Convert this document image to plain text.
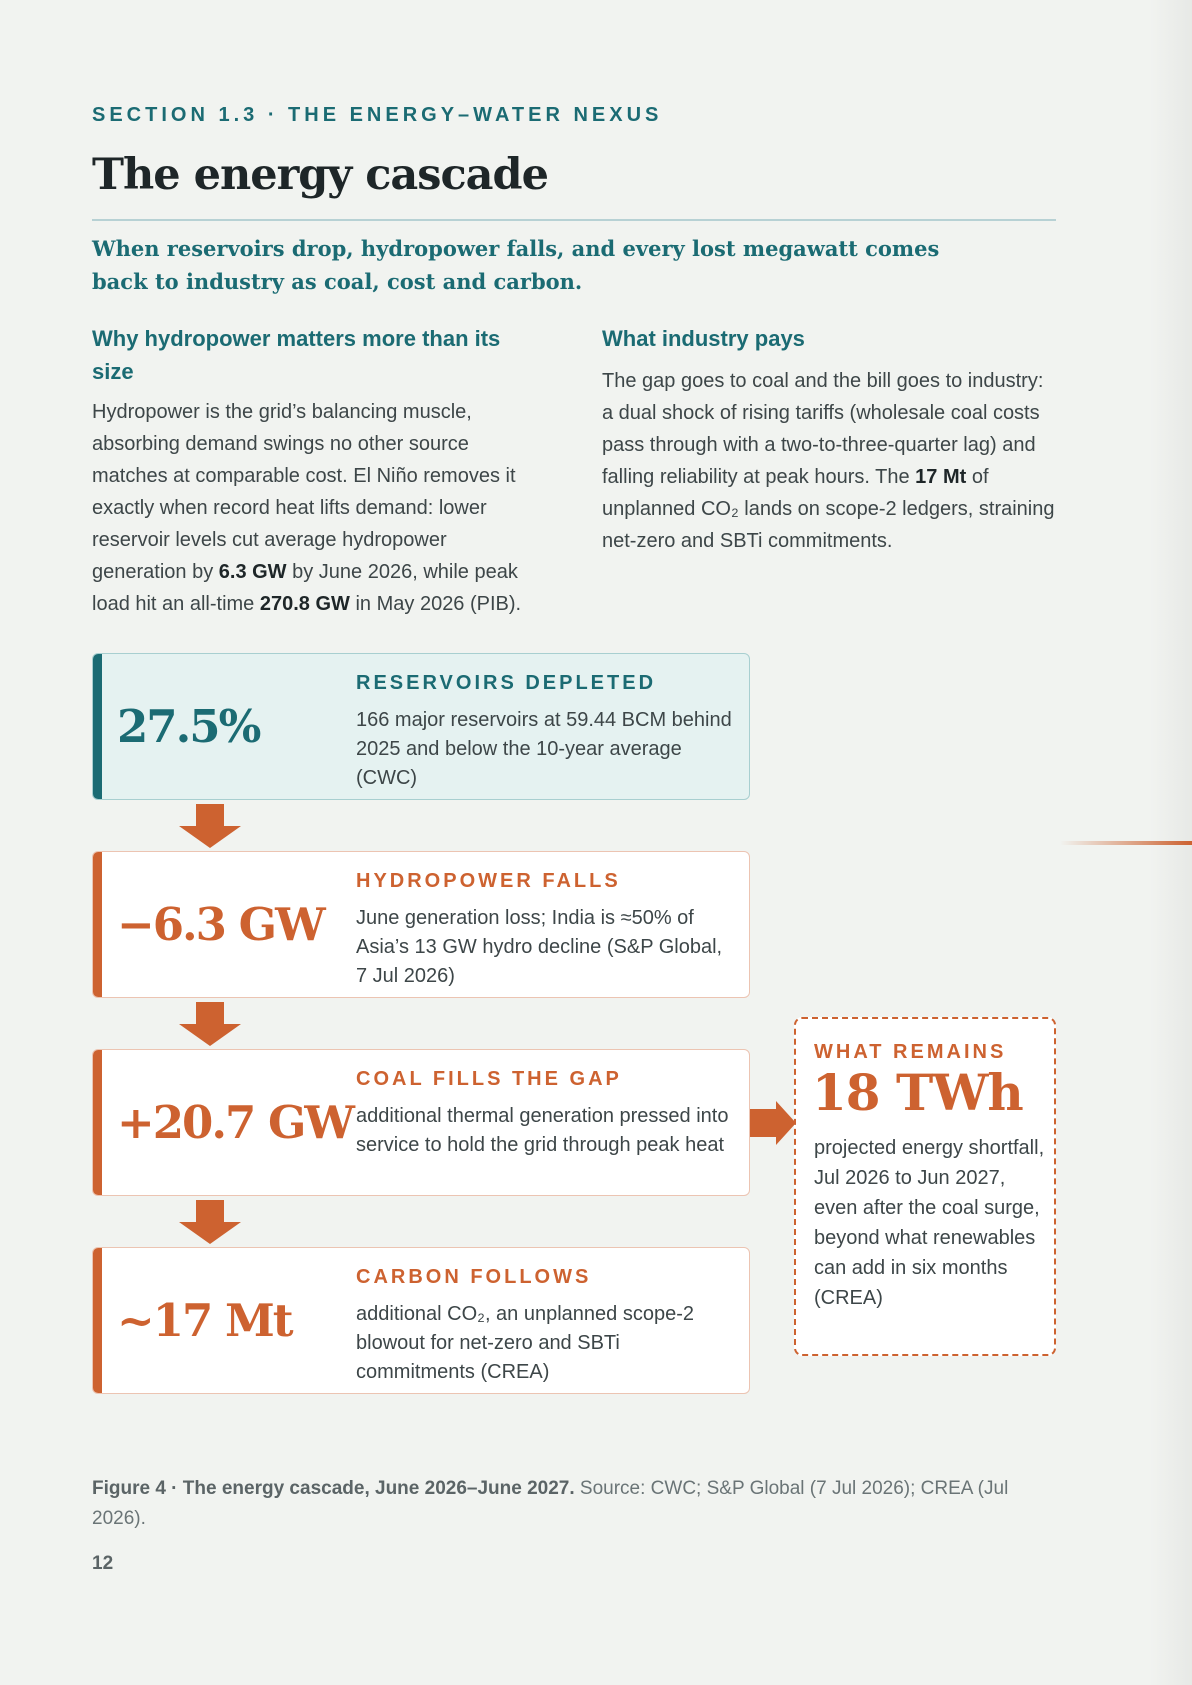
SECTION 1.3 · THE ENERGY–WATER NEXUS
The energy cascade

When reservoirs drop, hydropower falls, and every lost megawatt comes back to industry as coal, cost and carbon.

Why hydropower matters more than its size

Hydropower is the grid’s balancing muscle, absorbing demand swings no other source matches at comparable cost. El Niño removes it exactly when record heat lifts demand: lower reservoir levels cut average hydropower generation by 6.3 GW by June 2026, while peak load hit an all-time 270.8 GW in May 2026 (PIB).

What industry pays

The gap goes to coal and the bill goes to industry: a dual shock of rising tariffs (wholesale coal costs pass through with a two-to-three-quarter lag) and falling reliability at peak hours. The 17 Mt of unplanned CO₂ lands on scope-2 ledgers, straining net-zero and SBTi commitments.

27.5%
RESERVOIRS DEPLETED
166 major reservoirs at 59.44 BCM behind 2025 and below the 10-year average (CWC)
−6.3 GW
HYDROPOWER FALLS
June generation loss; India is ≈50% of Asia’s 13 GW hydro decline (S&P Global, 7 Jul 2026)
+20.7 GW
COAL FILLS THE GAP
additional thermal generation pressed into service to hold the grid through peak heat
~17 Mt
CARBON FOLLOWS
additional CO₂, an unplanned scope-2 blowout for net-zero and SBTi commitments (CREA)
WHAT REMAINS
18 TWh
projected energy shortfall, Jul 2026 to Jun 2027, even after the coal surge, beyond what renewables can add in six months (CREA)

Figure 4 · The energy cascade, June 2026–June 2027. Source: CWC; S&P Global (7 Jul 2026); CREA (Jul 2026).

12
